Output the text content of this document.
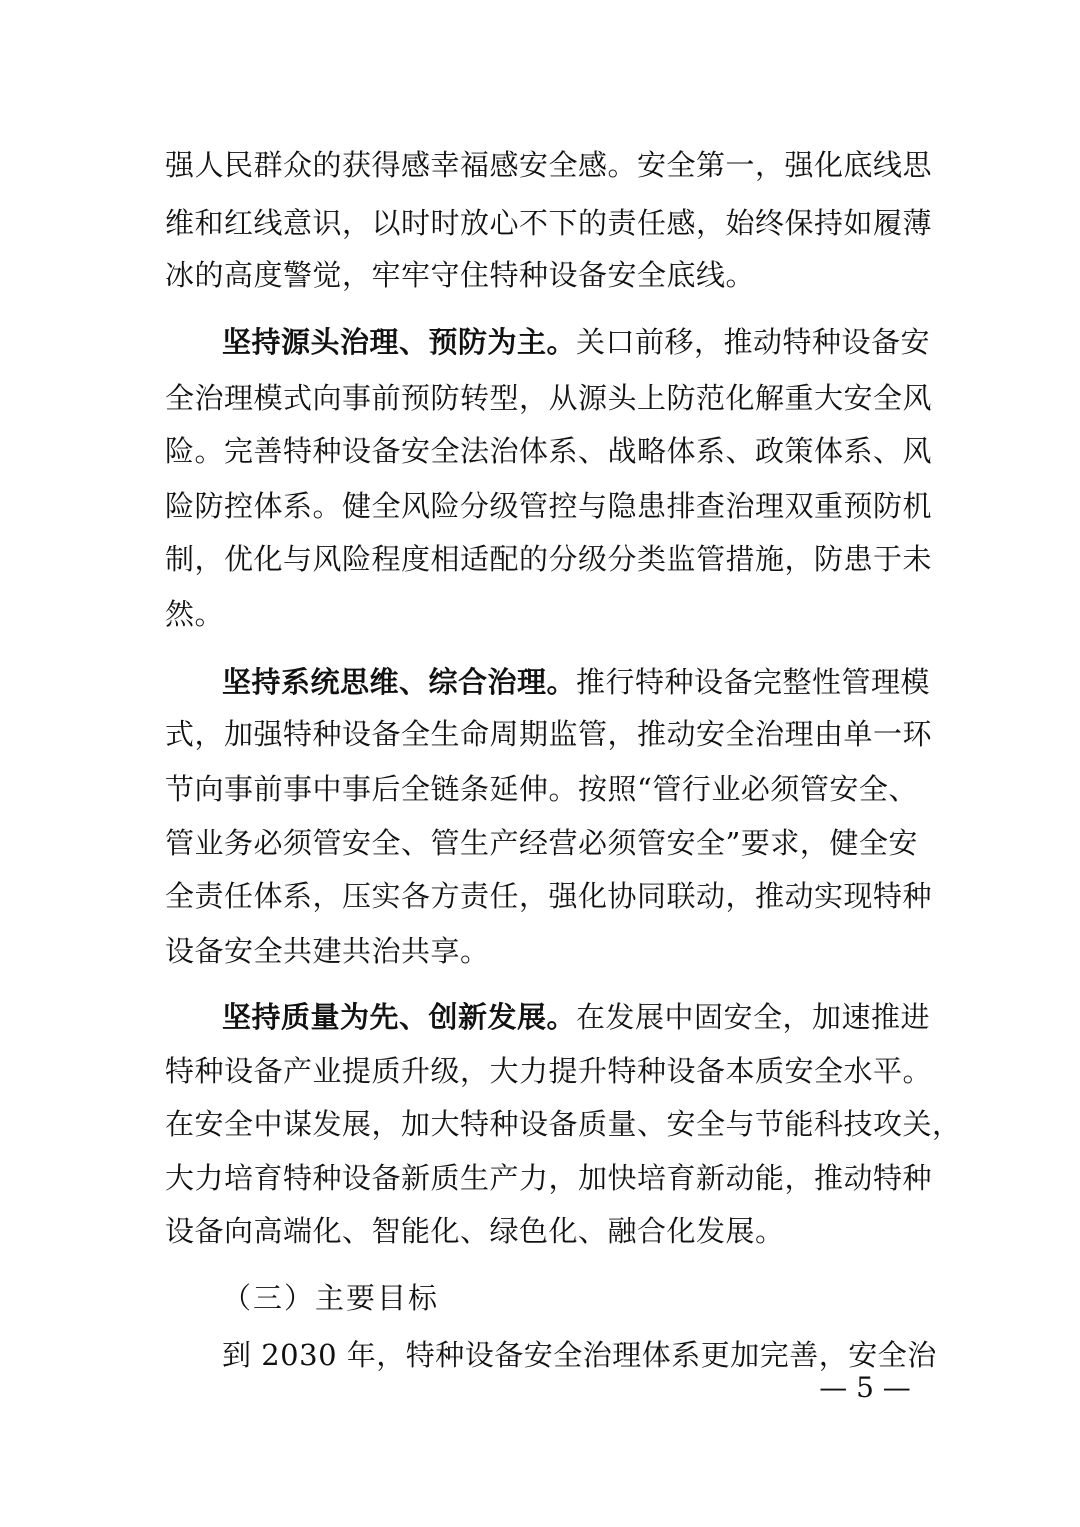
强人民群众的获得感幸福感安全感。安全第一，强化底线思
维和红线意识，以时时放心不下的责任感，始终保持如履薄
冰的高度警觉，牢牢守住特种设备安全底线。
坚持源头治理、预防为主。关口前移，推动特种设备安
全治理模式向事前预防转型，从源头上防范化解重大安全风
险。完善特种设备安全法治体系、战略体系、政策体系、风
险防控体系。健全风险分级管控与隐患排查治理双重预防机
制，优化与风险程度相适配的分级分类监管措施，防患于未
然。
坚持系统思维、综合治理。推行特种设备完整性管理模
式，加强特种设备全生命周期监管，推动安全治理由单一环
节向事前事中事后全链条延伸。按照“管行业必须管安全、
管业务必须管安全、管生产经营必须管安全”要求，健全安
全责任体系，压实各方责任，强化协同联动，推动实现特种
设备安全共建共治共享。
坚持质量为先、创新发展。在发展中固安全，加速推进
特种设备产业提质升级，大力提升特种设备本质安全水平。
在安全中谋发展，加大特种设备质量、安全与节能科技攻关，
大力培育特种设备新质生产力，加快培育新动能，推动特种
设备向高端化、智能化、绿色化、融合化发展。
（三）主要目标
到 2030 年，特种设备安全治理体系更加完善，安全治
— 5 —
